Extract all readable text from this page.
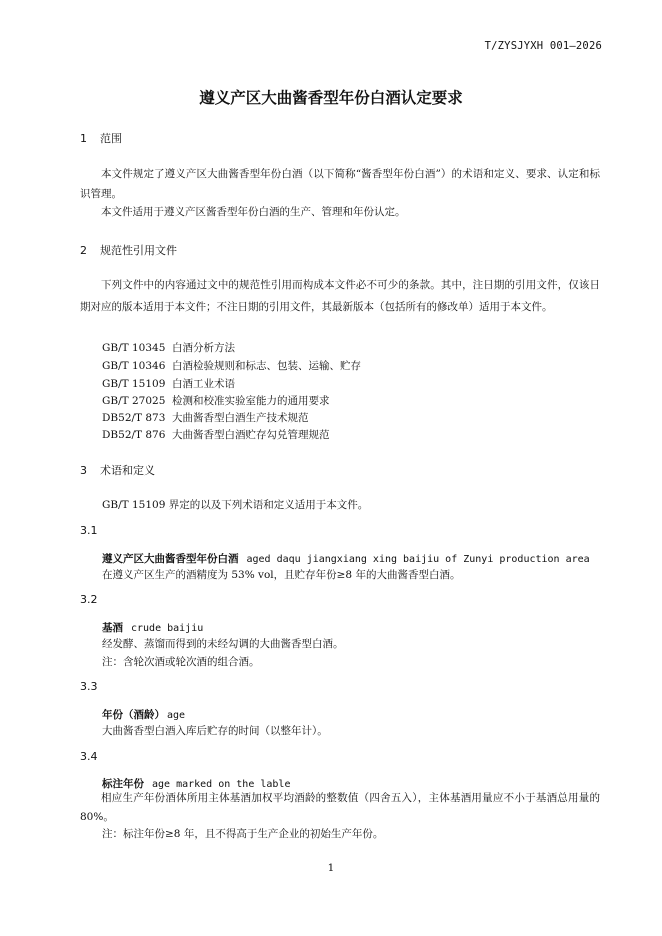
T/ZYSJYXH 001—2026
遵义产区大曲酱香型年份白酒认定要求
1 范围
本文件规定了遵义产区大曲酱香型年份白酒（以下简称“酱香型年份白酒”）的术语和定义、要求、认定和标识管理。
本文件适用于遵义产区酱香型年份白酒的生产、管理和年份认定。
2 规范性引用文件
下列文件中的内容通过文中的规范性引用而构成本文件必不可少的条款。其中，注日期的引用文件，仅该日期对应的版本适用于本文件；不注日期的引用文件，其最新版本（包括所有的修改单）适用于本文件。
GB/T 10345 白酒分析方法
GB/T 10346 白酒检验规则和标志、包装、运输、贮存
GB/T 15109 白酒工业术语
GB/T 27025 检测和校准实验室能力的通用要求
DB52/T 873 大曲酱香型白酒生产技术规范
DB52/T 876 大曲酱香型白酒贮存勾兑管理规范
3 术语和定义
GB/T 15109 界定的以及下列术语和定义适用于本文件。
3.1
遵义产区大曲酱香型年份白酒 aged daqu jiangxiang xing baijiu of Zunyi production area
在遵义产区生产的酒精度为 53% vol，且贮存年份≥8 年的大曲酱香型白酒。
3.2
基酒 crude baijiu
经发酵、蒸馏而得到的未经勾调的大曲酱香型白酒。
注：含轮次酒或轮次酒的组合酒。
3.3
年份（酒龄） age
大曲酱香型白酒入库后贮存的时间（以整年计）。
3.4
标注年份 age marked on the lable
相应生产年份酒体所用主体基酒加权平均酒龄的整数值（四舍五入），主体基酒用量应不小于基酒总用量的 80%。
注：标注年份≥8 年，且不得高于生产企业的初始生产年份。
1
